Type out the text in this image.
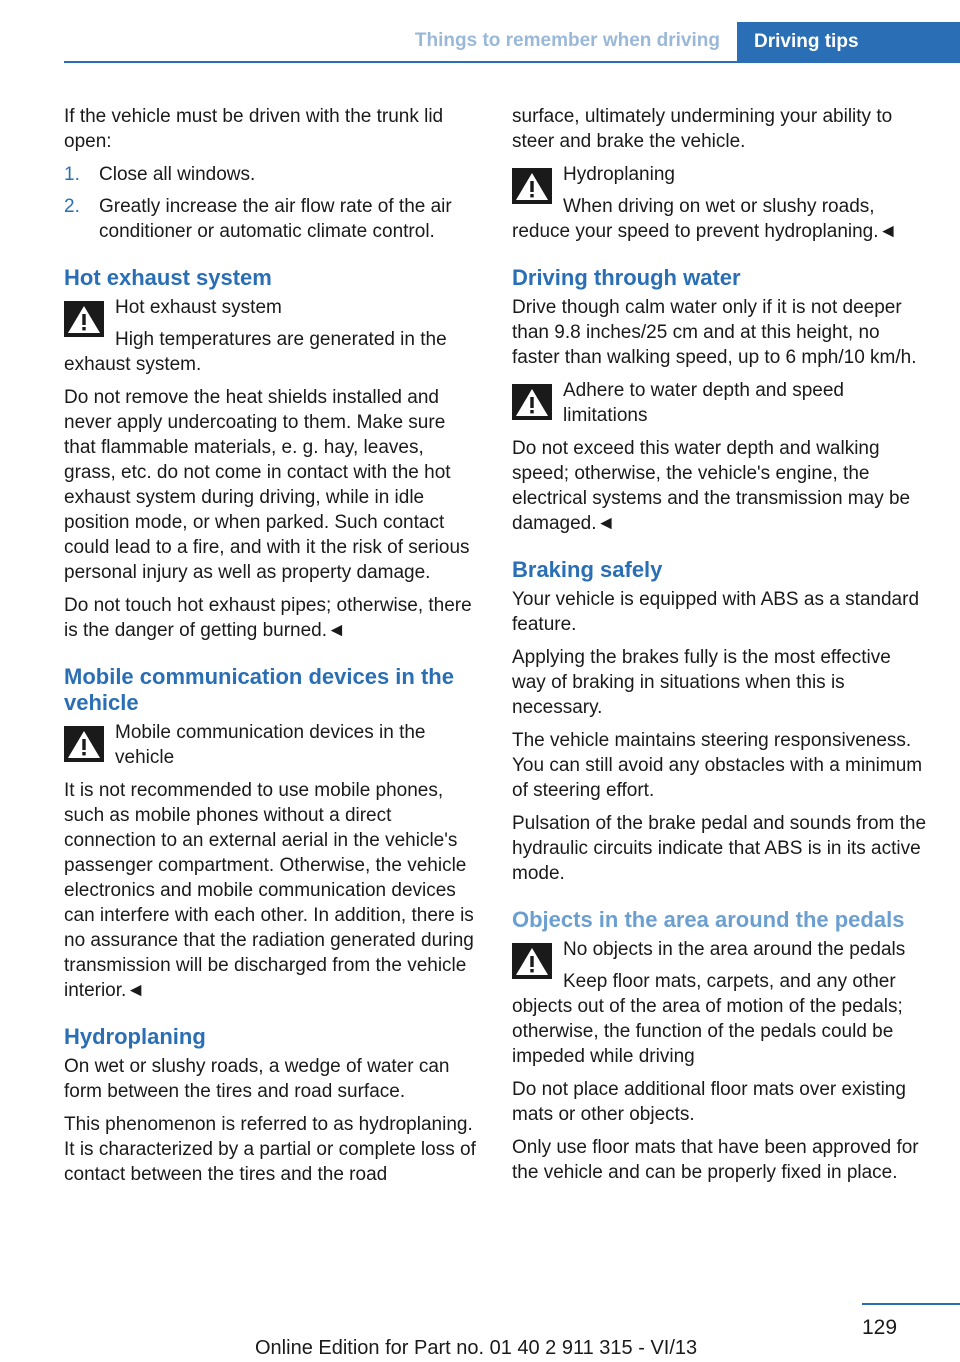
Things to remember when driving Driving tips

If the vehicle must be driven with the trunk lid open:

1. Close all windows.
2. Greatly increase the air flow rate of the air conditioner or automatic climate control.
Hot exhaust system
Hot exhaust system

High temperatures are generated in the exhaust system.

Do not remove the heat shields installed and never apply undercoating to them. Make sure that flammable materials, e. g. hay, leaves, grass, etc. do not come in contact with the hot exhaust system during driving, while in idle position mode, or when parked. Such contact could lead to a fire, and with it the risk of serious personal injury as well as property damage.

Do not touch hot exhaust pipes; otherwise, there is the danger of getting burned.◄

Mobile communication devices in the vehicle
Mobile communication devices in the vehicle

It is not recommended to use mobile phones, such as mobile phones without a direct connection to an external aerial in the vehicle's passenger compartment. Otherwise, the vehicle electronics and mobile communication devices can interfere with each other. In addition, there is no assurance that the radiation generated during transmission will be discharged from the vehicle interior.◄

Hydroplaning

On wet or slushy roads, a wedge of water can form between the tires and road surface.

This phenomenon is referred to as hydroplaning. It is characterized by a partial or complete loss of contact between the tires and the road

surface, ultimately undermining your ability to steer and brake the vehicle.

Hydroplaning

When driving on wet or slushy roads, reduce your speed to prevent hydroplaning.◄

Driving through water

Drive though calm water only if it is not deeper than 9.8 inches/25 cm and at this height, no faster than walking speed, up to 6 mph/10 km/h.

Adhere to water depth and speed limitations

Do not exceed this water depth and walking speed; otherwise, the vehicle's engine, the electrical systems and the transmission may be damaged.◄

Braking safely

Your vehicle is equipped with ABS as a standard feature.

Applying the brakes fully is the most effective way of braking in situations when this is necessary.

The vehicle maintains steering responsiveness. You can still avoid any obstacles with a minimum of steering effort.

Pulsation of the brake pedal and sounds from the hydraulic circuits indicate that ABS is in its active mode.

Objects in the area around the pedals
No objects in the area around the pedals

Keep floor mats, carpets, and any other objects out of the area of motion of the pedals; otherwise, the function of the pedals could be impeded while driving

Do not place additional floor mats over existing mats or other objects.

Only use floor mats that have been approved for the vehicle and can be properly fixed in place.

129
Online Edition for Part no. 01 40 2 911 315 - VI/13
